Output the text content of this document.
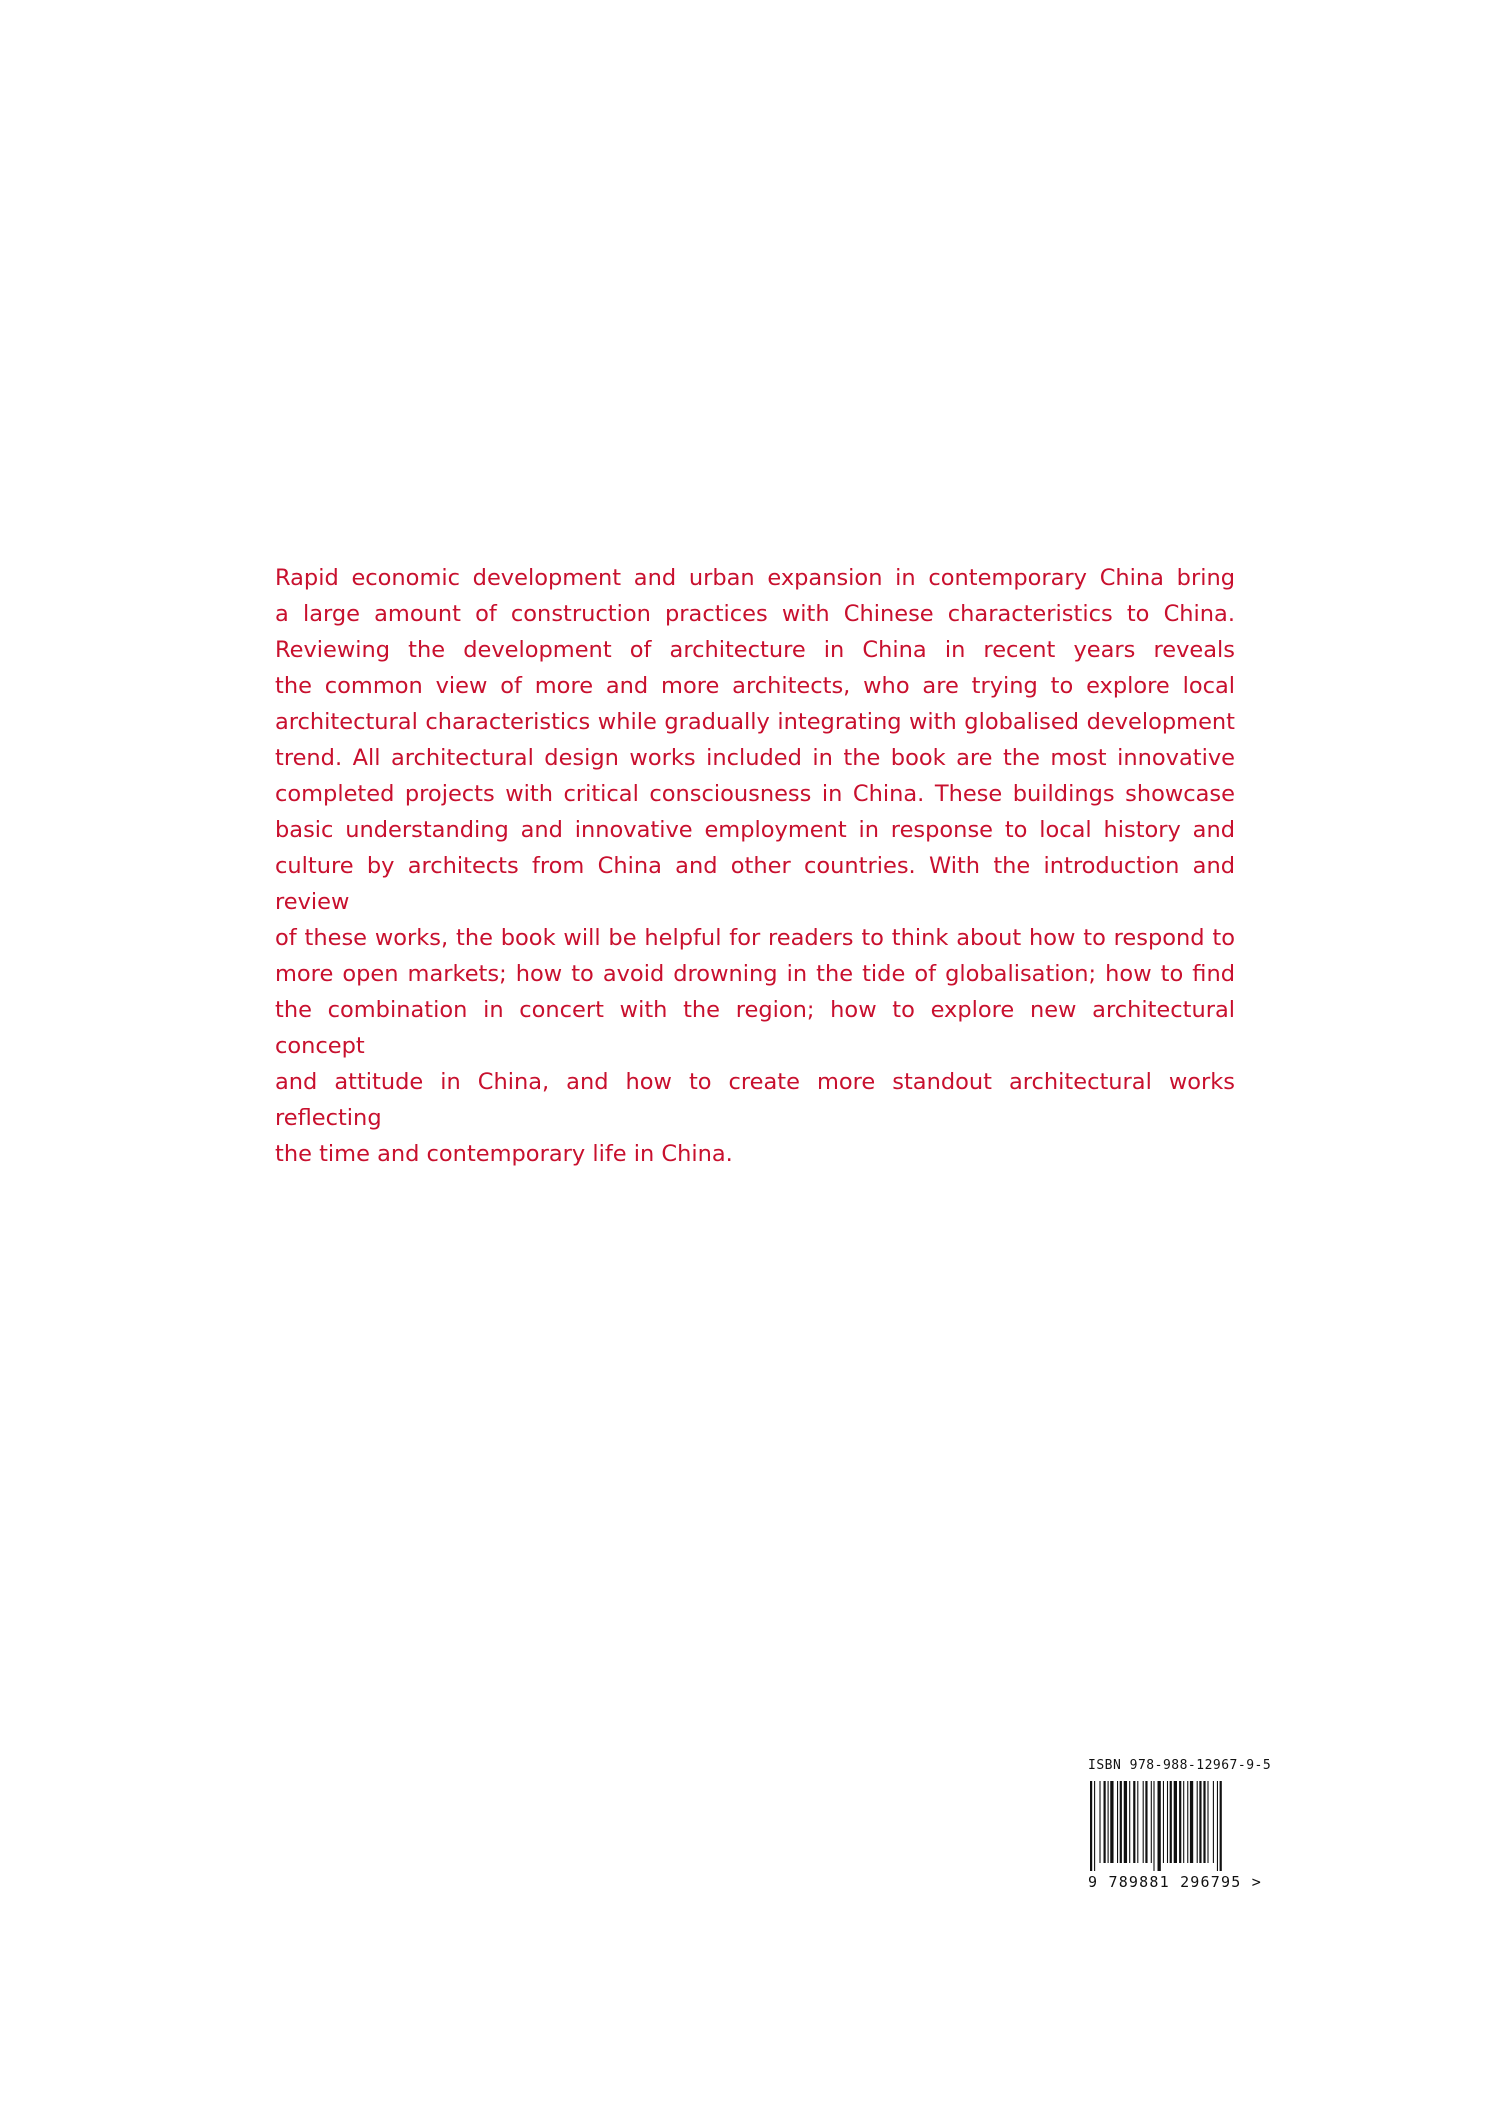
Rapid economic development and urban expansion in contemporary China bring
a large amount of construction practices with Chinese characteristics to China.
Reviewing the development of architecture in China in recent years reveals
the common view of more and more architects, who are trying to explore local
architectural characteristics while gradually integrating with globalised development
trend. All architectural design works included in the book are the most innovative
completed projects with critical consciousness in China. These buildings showcase
basic understanding and innovative employment in response to local history and
culture by architects from China and other countries. With the introduction and review
of these works, the book will be helpful for readers to think about how to respond to
more open markets; how to avoid drowning in the tide of globalisation; how to find
the combination in concert with the region; how to explore new architectural concept
and attitude in China, and how to create more standout architectural works reflecting
the time and contemporary life in China.
ISBN 978-988-12967-9-5
9 789881 296795 >
